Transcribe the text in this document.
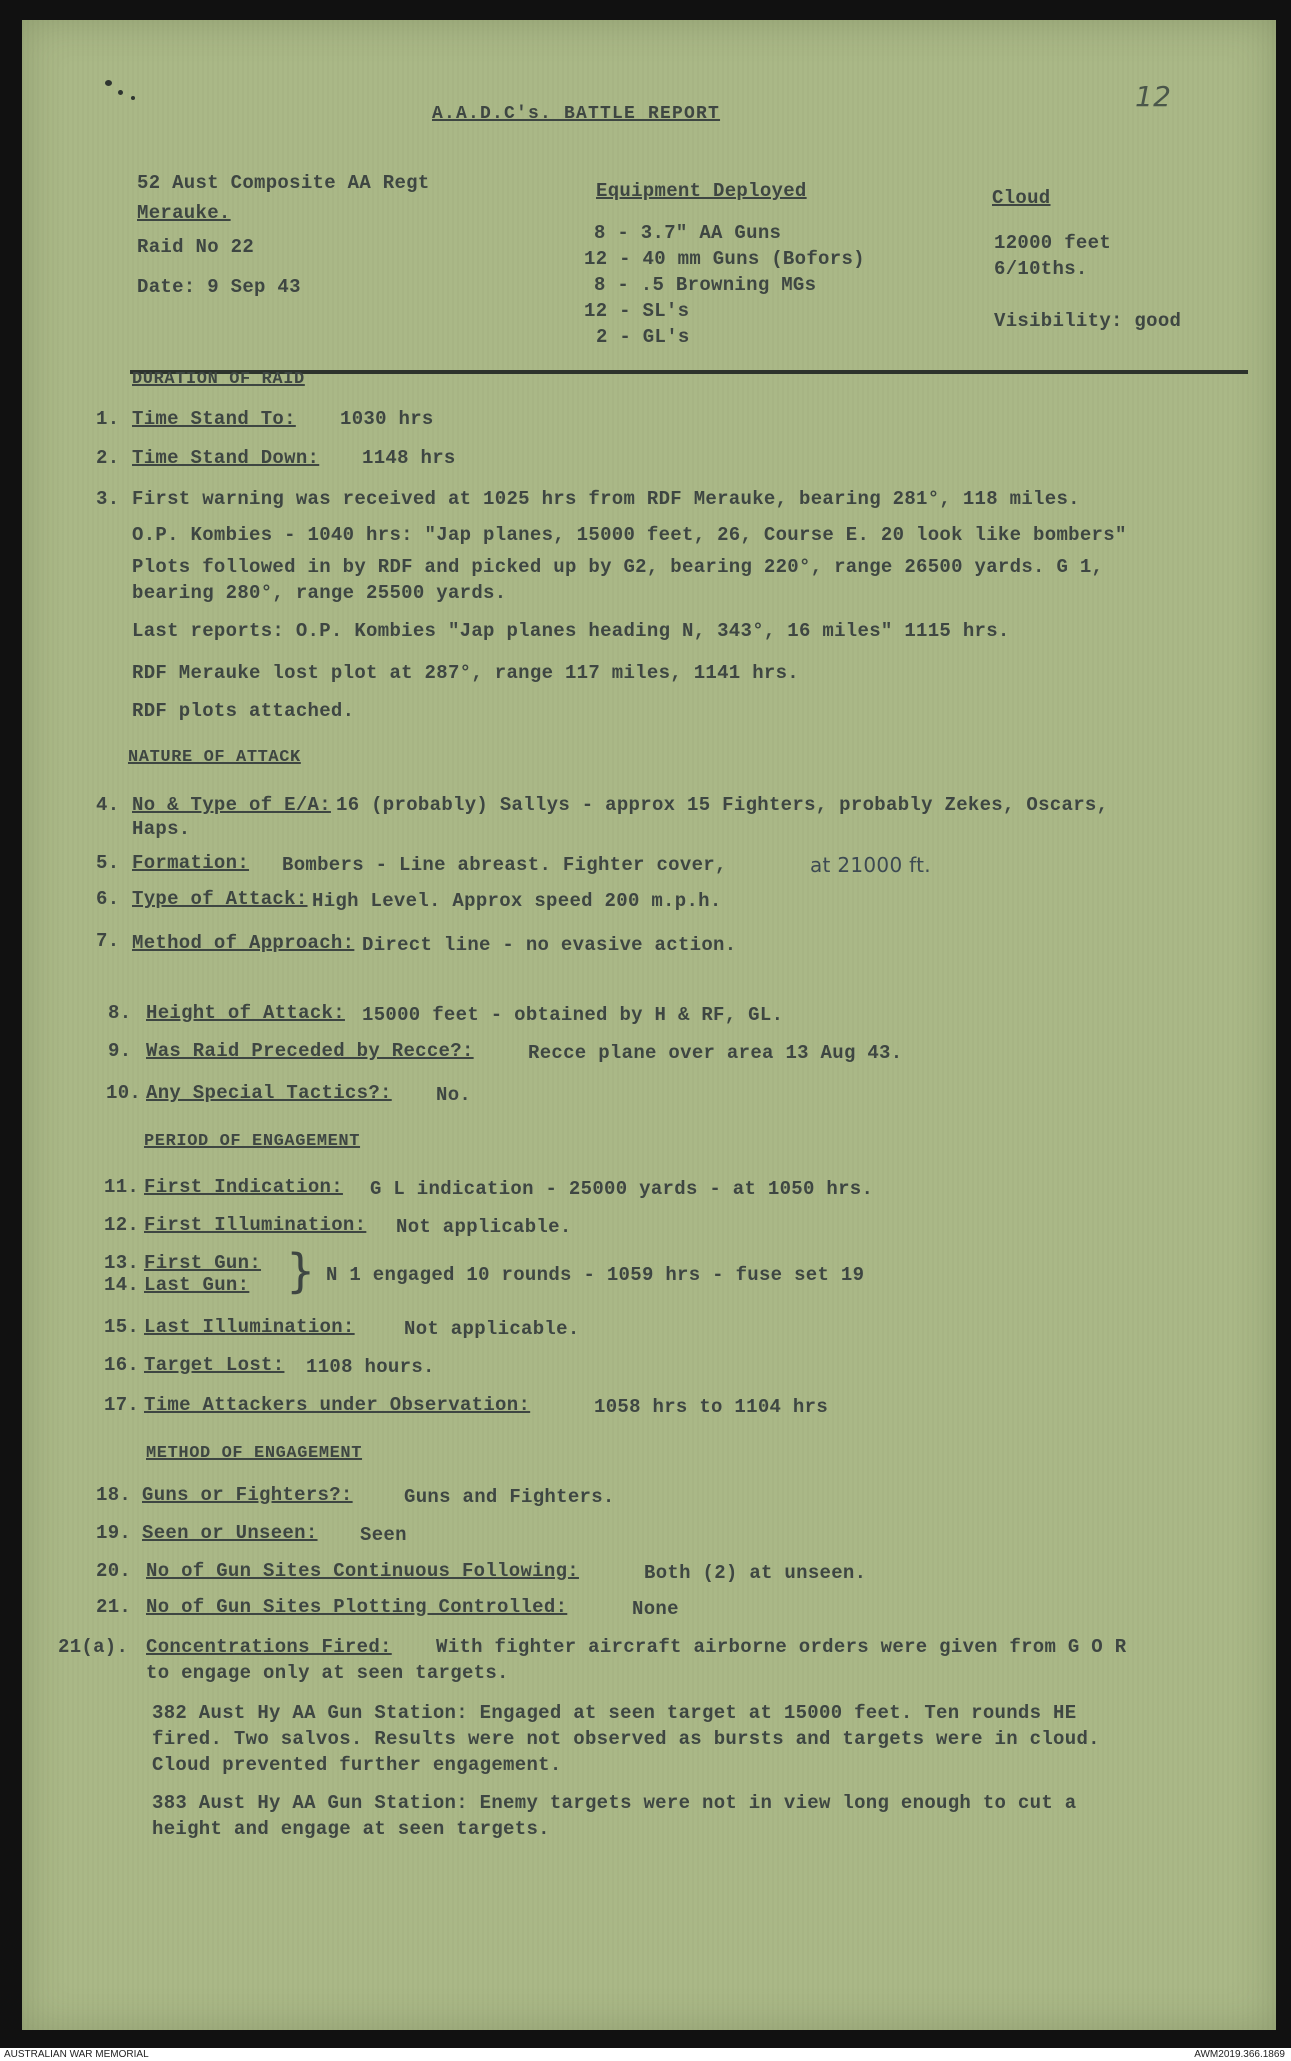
A.A.D.C's. BATTLE REPORT
12
52 Aust Composite AA Regt
Merauke.
Raid No 22
Date: 9 Sep 43
Equipment Deployed
8 - 3.7" AA Guns
12 - 40 mm Guns (Bofors)
8 - .5 Browning MGs
12 - SL's
2 - GL's
Cloud
12000 feet
6/10ths.
Visibility: good
DURATION OF RAID
1. Time Stand To: 1030 hrs
2. Time Stand Down: 1148 hrs
3. First warning was received at 1025 hrs from RDF Merauke, bearing 281°, 118 miles.
O.P. Kombies - 1040 hrs: "Jap planes, 15000 feet, 26, Course E. 20 look like bombers"
Plots followed in by RDF and picked up by G2, bearing 220°, range 26500 yards. G 1,
bearing 280°, range 25500 yards.
Last reports: O.P. Kombies "Jap planes heading N, 343°, 16 miles" 1115 hrs.
RDF Merauke lost plot at 287°, range 117 miles, 1141 hrs.
RDF plots attached.
NATURE OF ATTACK
4. No & Type of E/A: 16 (probably) Sallys - approx 15 Fighters, probably Zekes, Oscars,
Haps.
5. Formation: Bombers - Line abreast. Fighter cover,	at 21000 ft.
6. Type of Attack: High Level. Approx speed 200 m.p.h.
7. Method of Approach: Direct line - no evasive action.
8. Height of Attack: 15000 feet - obtained by H & RF, GL.
9. Was Raid Preceded by Recce?:	Recce plane over area 13 Aug 43.
10. Any Special Tactics?: No.
PERIOD OF ENGAGEMENT
11. First Indication: G L indication - 25000 yards - at 1050 hrs.
12. First Illumination: Not applicable.
13. First Gun:
14. Last Gun: } N 1 engaged 10 rounds - 1059 hrs - fuse set 19
15. Last Illumination:	Not applicable.
16. Target Lost: 1108 hours.
17. Time Attackers under Observation:	1058 hrs to 1104 hrs
METHOD OF ENGAGEMENT
18. Guns or Fighters?:	Guns and Fighters.
19. Seen or Unseen: Seen
20. No of Gun Sites Continuous Following:	Both (2) at unseen.
21. No of Gun Sites Plotting Controlled:	None
21(a). Concentrations Fired: With fighter aircraft airborne orders were given from G O R
to engage only at seen targets.
382 Aust Hy AA Gun Station: Engaged at seen target at 15000 feet. Ten rounds HE
fired. Two salvos. Results were not observed as bursts and targets were in cloud.
Cloud prevented further engagement.
383 Aust Hy AA Gun Station: Enemy targets were not in view long enough to cut a
height and engage at seen targets.
AUSTRALIAN WAR MEMORIAL	AWM2019.366.1869
